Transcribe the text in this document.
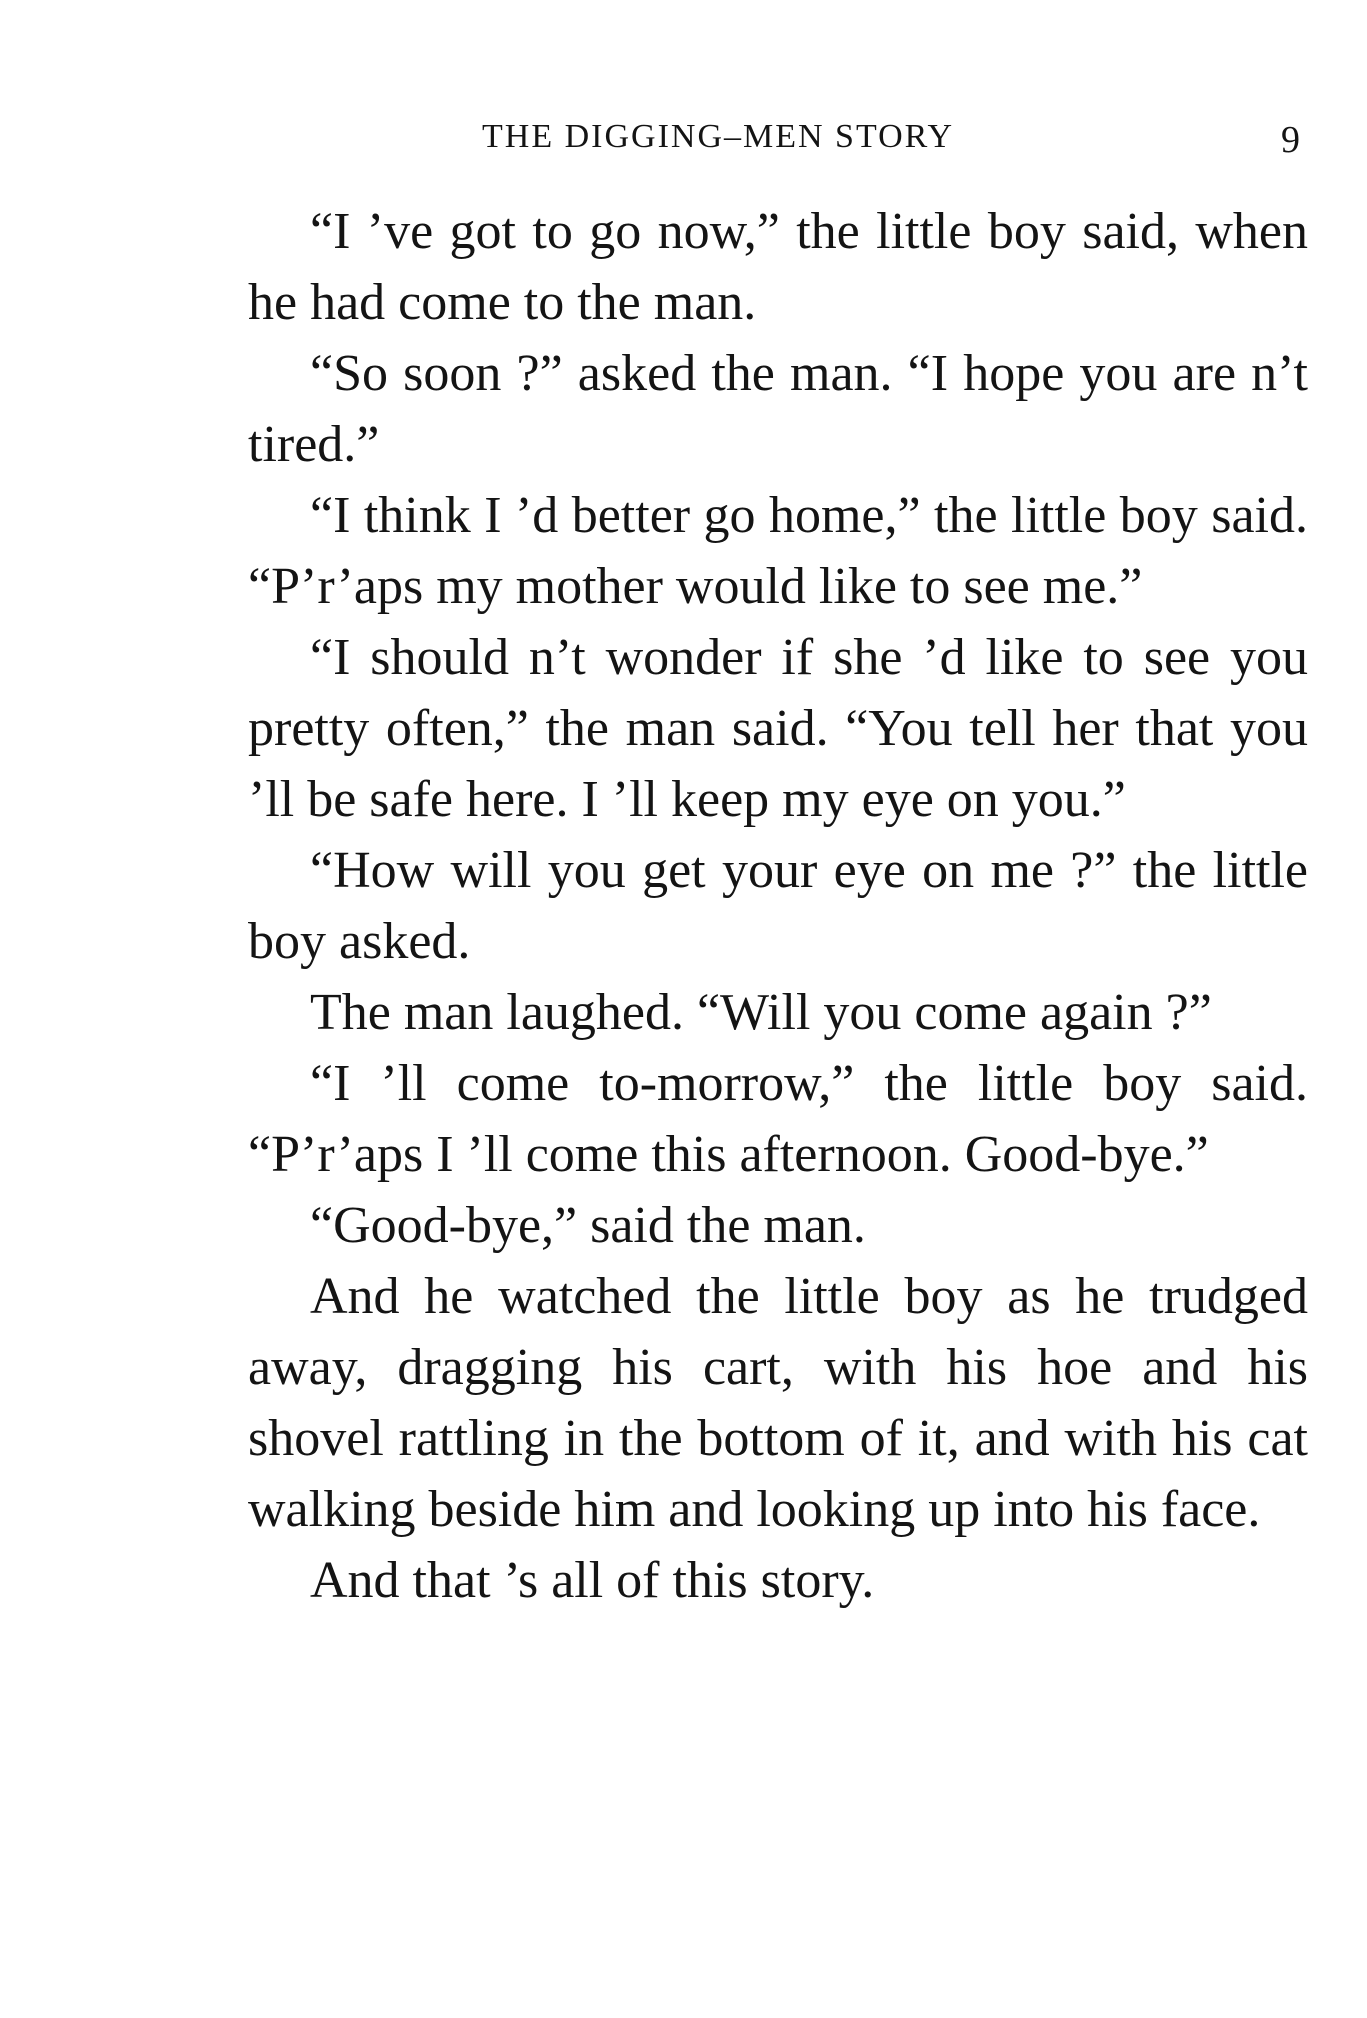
THE DIGGING–MEN STORY	9

“I ’ve got to go now,” the little boy said, when he had come to the man.

“So soon ?” asked the man. “I hope you are n’t tired.”

“I think I ’d better go home,” the little boy said. “P’r’aps my mother would like to see me.”

“I should n’t wonder if she ’d like to see you pretty often,” the man said. “You tell her that you ’ll be safe here. I ’ll keep my eye on you.”

“How will you get your eye on me ?” the little boy asked.

The man laughed. “Will you come again ?”

“I ’ll come to-morrow,” the little boy said. “P’r’aps I ’ll come this afternoon. Good-bye.”

“Good-bye,” said the man.

And he watched the little boy as he trudged away, dragging his cart, with his hoe and his shovel rattling in the bottom of it, and with his cat walking beside him and looking up into his face.

And that ’s all of this story.
